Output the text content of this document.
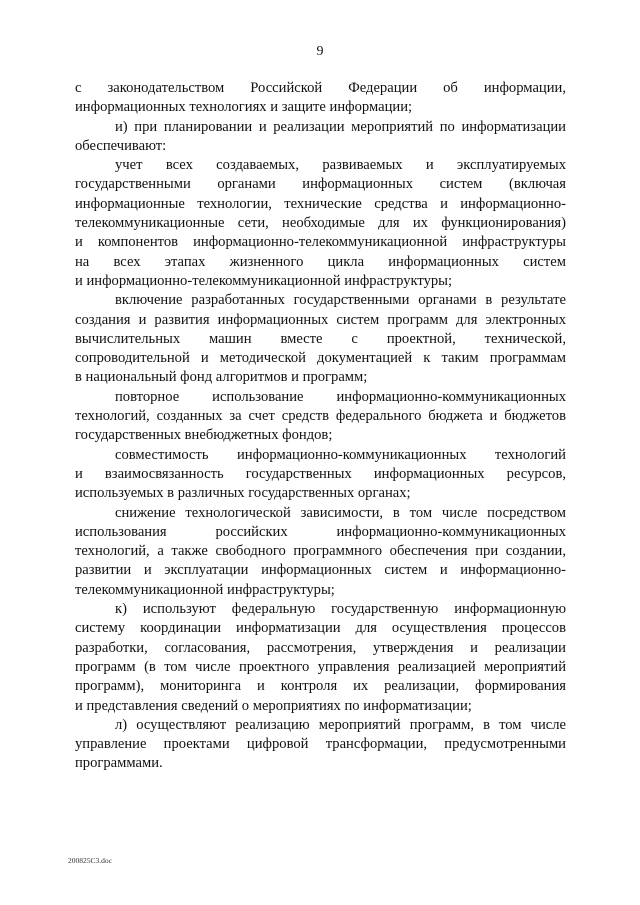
9
с законодательством Российской Федерации об информации,
информационных технологиях и защите информации;
и) при планировании и реализации мероприятий по информатизации
обеспечивают:
учет всех создаваемых, развиваемых и эксплуатируемых
государственными органами информационных систем (включая
информационные технологии, технические средства и информационно-
телекоммуникационные сети, необходимые для их функционирования)
и компонентов информационно-телекоммуникационной инфраструктуры
на всех этапах жизненного цикла информационных систем
и информационно-телекоммуникационной инфраструктуры;
включение разработанных государственными органами в результате
создания и развития информационных систем программ для электронных
вычислительных машин вместе с проектной, технической,
сопроводительной и методической документацией к таким программам
в национальный фонд алгоритмов и программ;
повторное использование информационно-коммуникационных
технологий, созданных за счет средств федерального бюджета и бюджетов
государственных внебюджетных фондов;
совместимость информационно-коммуникационных технологий
и взаимосвязанность государственных информационных ресурсов,
используемых в различных государственных органах;
снижение технологической зависимости, в том числе посредством
использования российских информационно-коммуникационных
технологий, а также свободного программного обеспечения при создании,
развитии и эксплуатации информационных систем и информационно-
телекоммуникационной инфраструктуры;
к) используют федеральную государственную информационную
систему координации информатизации для осуществления процессов
разработки, согласования, рассмотрения, утверждения и реализации
программ (в том числе проектного управления реализацией мероприятий
программ), мониторинга и контроля их реализации, формирования
и представления сведений о мероприятиях по информатизации;
л) осуществляют реализацию мероприятий программ, в том числе
управление проектами цифровой трансформации, предусмотренными
программами.
200825C3.doc
